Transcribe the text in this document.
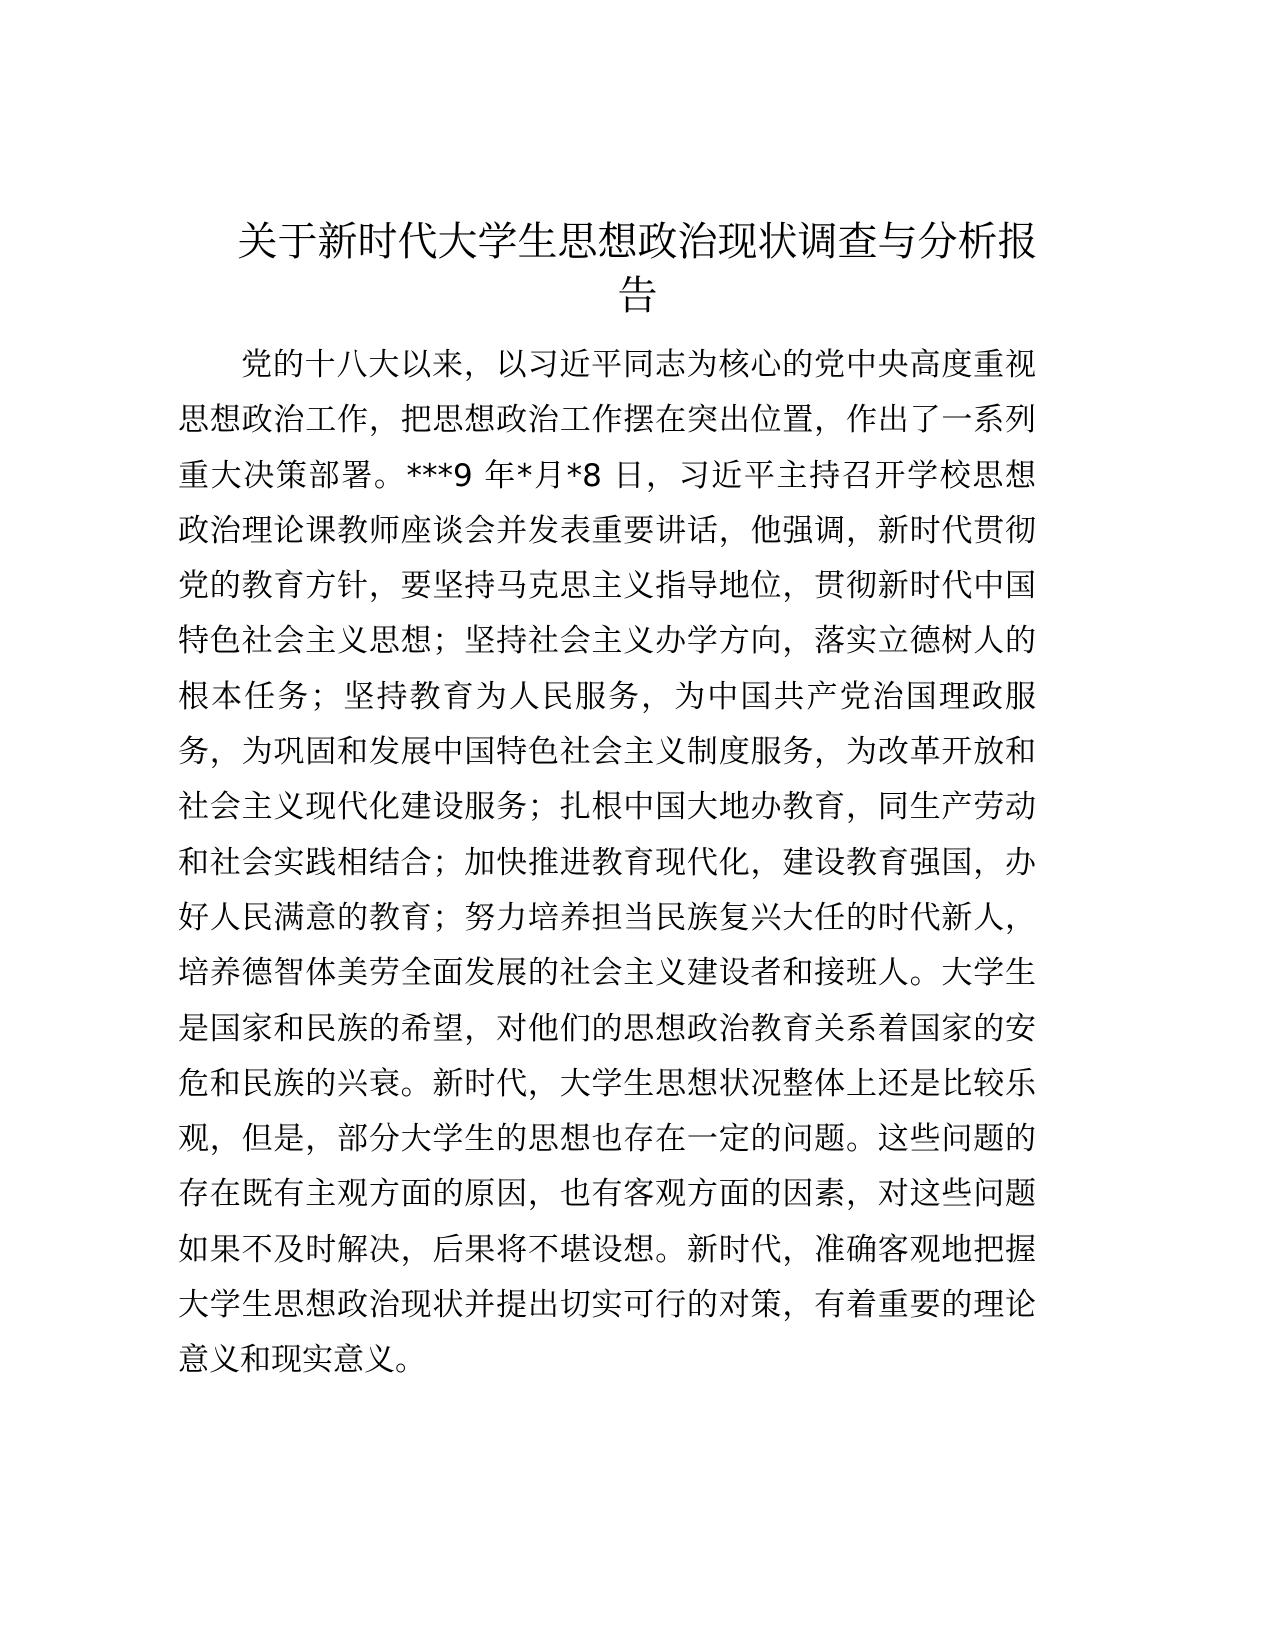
关于新时代大学生思想政治现状调查与分析报
告
党的十八大以来，以习近平同志为核心的党中央高度重视
思想政治工作，把思想政治工作摆在突出位置，作出了一系列
重大决策部署。***9 年*月*8 日，习近平主持召开学校思想
政治理论课教师座谈会并发表重要讲话，他强调，新时代贯彻
党的教育方针，要坚持马克思主义指导地位，贯彻新时代中国
特色社会主义思想；坚持社会主义办学方向，落实立德树人的
根本任务；坚持教育为人民服务，为中国共产党治国理政服
务，为巩固和发展中国特色社会主义制度服务，为改革开放和
社会主义现代化建设服务；扎根中国大地办教育，同生产劳动
和社会实践相结合；加快推进教育现代化，建设教育强国，办
好人民满意的教育；努力培养担当民族复兴大任的时代新人，
培养德智体美劳全面发展的社会主义建设者和接班人。大学生
是国家和民族的希望，对他们的思想政治教育关系着国家的安
危和民族的兴衰。新时代，大学生思想状况整体上还是比较乐
观，但是，部分大学生的思想也存在一定的问题。这些问题的
存在既有主观方面的原因，也有客观方面的因素，对这些问题
如果不及时解决，后果将不堪设想。新时代，准确客观地把握
大学生思想政治现状并提出切实可行的对策，有着重要的理论
意义和现实意义。
